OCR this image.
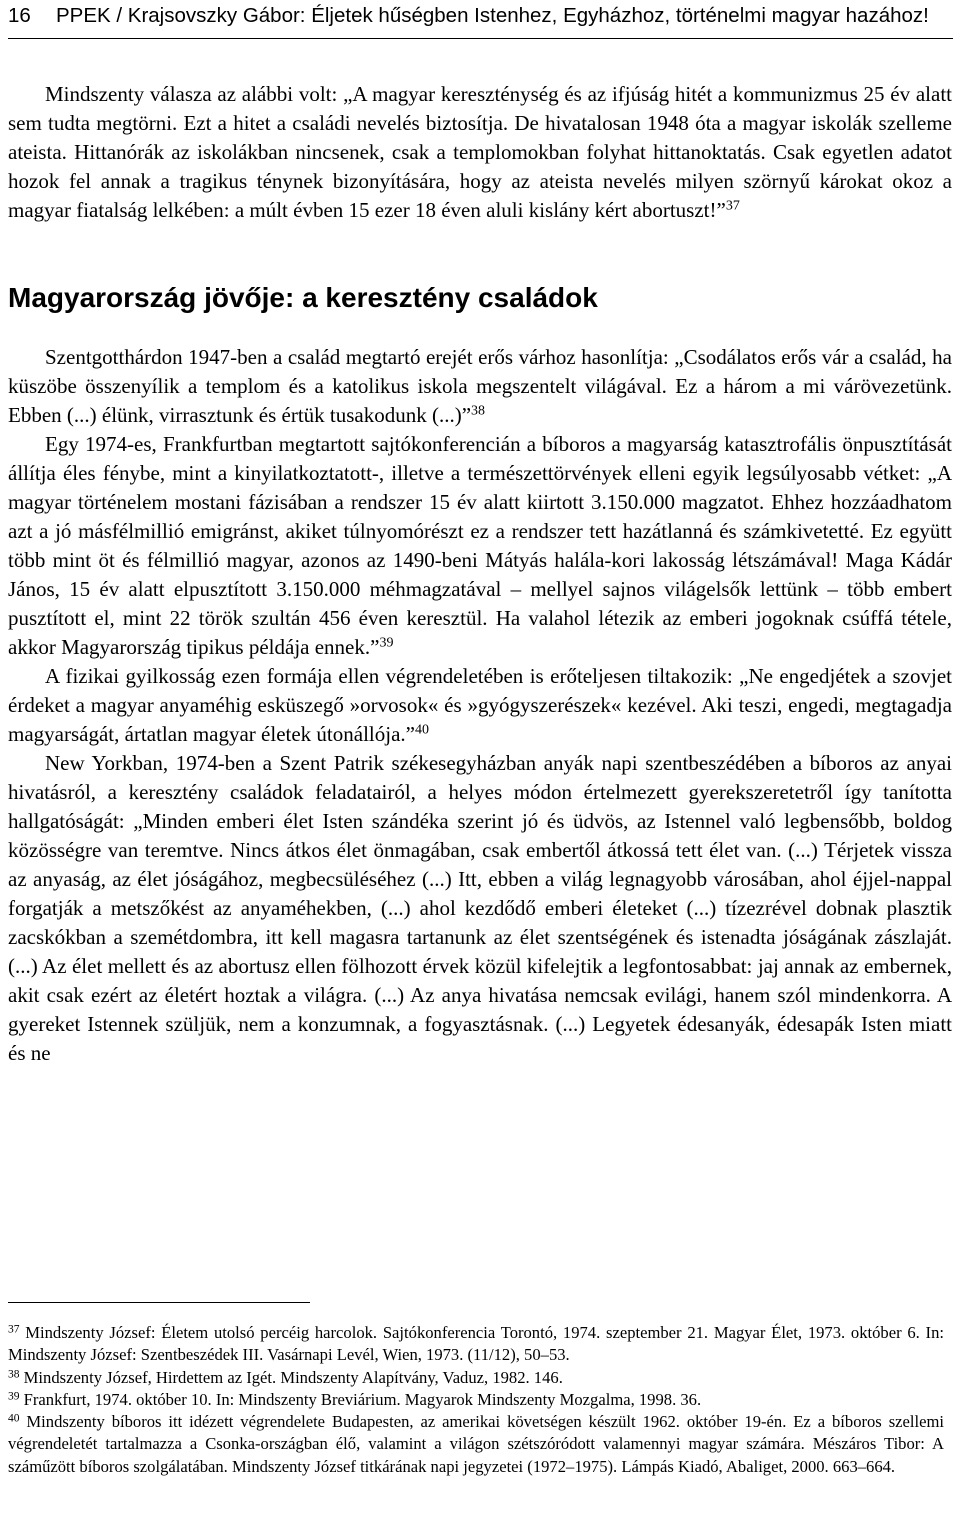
16 PPEK / Krajsovszky Gábor: Éljetek hűségben Istenhez, Egyházhoz, történelmi magyar hazához!

Mindszenty válasza az alábbi volt: „A magyar kereszténység és az ifjúság hitét a kommunizmus 25 év alatt sem tudta megtörni. Ezt a hitet a családi nevelés biztosítja. De hivatalosan 1948 óta a magyar iskolák szelleme ateista. Hittanórák az iskolákban nincsenek, csak a templomokban folyhat hittanoktatás. Csak egyetlen adatot hozok fel annak a tragikus ténynek bizonyítására, hogy az ateista nevelés milyen szörnyű károkat okoz a magyar fiatalság lelkében: a múlt évben 15 ezer 18 éven aluli kislány kért abortuszt!”$^{37}$

Magyarország jövője: a keresztény családok

Szentgotthárdon 1947-ben a család megtartó erejét erős várhoz hasonlítja: „Csodálatos erős vár a család, ha küszöbe összenyílik a templom és a katolikus iskola megszentelt világával. Ez a három a mi várövezetünk. Ebben (...) élünk, virrasztunk és értük tusakodunk (...)”$^{38}$

Egy 1974-es, Frankfurtban megtartott sajtókonferencián a bíboros a magyarság katasztrofális önpusztítását állítja éles fénybe, mint a kinyilatkoztatott-, illetve a természettörvények elleni egyik legsúlyosabb vétket: „A magyar történelem mostani fázisában a rendszer 15 év alatt kiirtott 3.150.000 magzatot. Ehhez hozzáadhatom azt a jó másfélmillió emigránst, akiket túlnyomórészt ez a rendszer tett hazátlanná és számkivetetté. Ez együtt több mint öt és félmillió magyar, azonos az 1490-beni Mátyás halála-kori lakosság létszámával! Maga Kádár János, 15 év alatt elpusztított 3.150.000 méhmagzatával – mellyel sajnos világelsők lettünk – több embert pusztított el, mint 22 török szultán 456 éven keresztül. Ha valahol létezik az emberi jogoknak csúffá tétele, akkor Magyarország tipikus példája ennek.”$^{39}$

A fizikai gyilkosság ezen formája ellen végrendeletében is erőteljesen tiltakozik: „Ne engedjétek a szovjet érdeket a magyar anyaméhig esküszegő »orvosok« és »gyógyszerészek« kezével. Aki teszi, engedi, megtagadja magyarságát, ártatlan magyar életek útonállója.”$^{40}$

New Yorkban, 1974-ben a Szent Patrik székesegyházban anyák napi szentbeszédében a bíboros az anyai hivatásról, a keresztény családok feladatairól, a helyes módon értelmezett gyerekszeretetről így tanította hallgatóságát: „Minden emberi élet Isten szándéka szerint jó és üdvös, az Istennel való legbensőbb, boldog közösségre van teremtve. Nincs átkos élet önmagában, csak embertől átkossá tett élet van. (...) Térjetek vissza az anyaság, az élet jóságához, megbecsüléséhez (...) Itt, ebben a világ legnagyobb városában, ahol éjjel-nappal forgatják a metszőkést az anyaméhekben, (...) ahol kezdődő emberi életeket (...) tízezrével dobnak plasztik zacskókban a szemétdombra, itt kell magasra tartanunk az élet szentségének és istenadta jóságának zászlaját. (...) Az élet mellett és az abortusz ellen fölhozott érvek közül kifelejtik a legfontosabbat: jaj annak az embernek, akit csak ezért az életért hoztak a világra. (...) Az anya hivatása nemcsak evilági, hanem szól mindenkorra. A gyereket Istennek szüljük, nem a konzumnak, a fogyasztásnak. (...) Legyetek édesanyák, édesapák Isten miatt és ne

$^{37}$ Mindszenty József: Életem utolsó percéig harcolok. Sajtókonferencia Torontó, 1974. szeptember 21. Magyar Élet, 1973. október 6. In: Mindszenty József: Szentbeszédek III. Vasárnapi Levél, Wien, 1973. (11/12), 50–53.

$^{38}$ Mindszenty József, Hirdettem az Igét. Mindszenty Alapítvány, Vaduz, 1982. 146.

$^{39}$ Frankfurt, 1974. október 10. In: Mindszenty Breviárium. Magyarok Mindszenty Mozgalma, 1998. 36.

$^{40}$ Mindszenty bíboros itt idézett végrendelete Budapesten, az amerikai követségen készült 1962. október 19-én. Ez a bíboros szellemi végrendeletét tartalmazza a Csonka-országban élő, valamint a világon szétszóródott valamennyi magyar számára. Mészáros Tibor: A száműzött bíboros szolgálatában. Mindszenty József titkárának napi jegyzetei (1972–1975). Lámpás Kiadó, Abaliget, 2000. 663–664.
